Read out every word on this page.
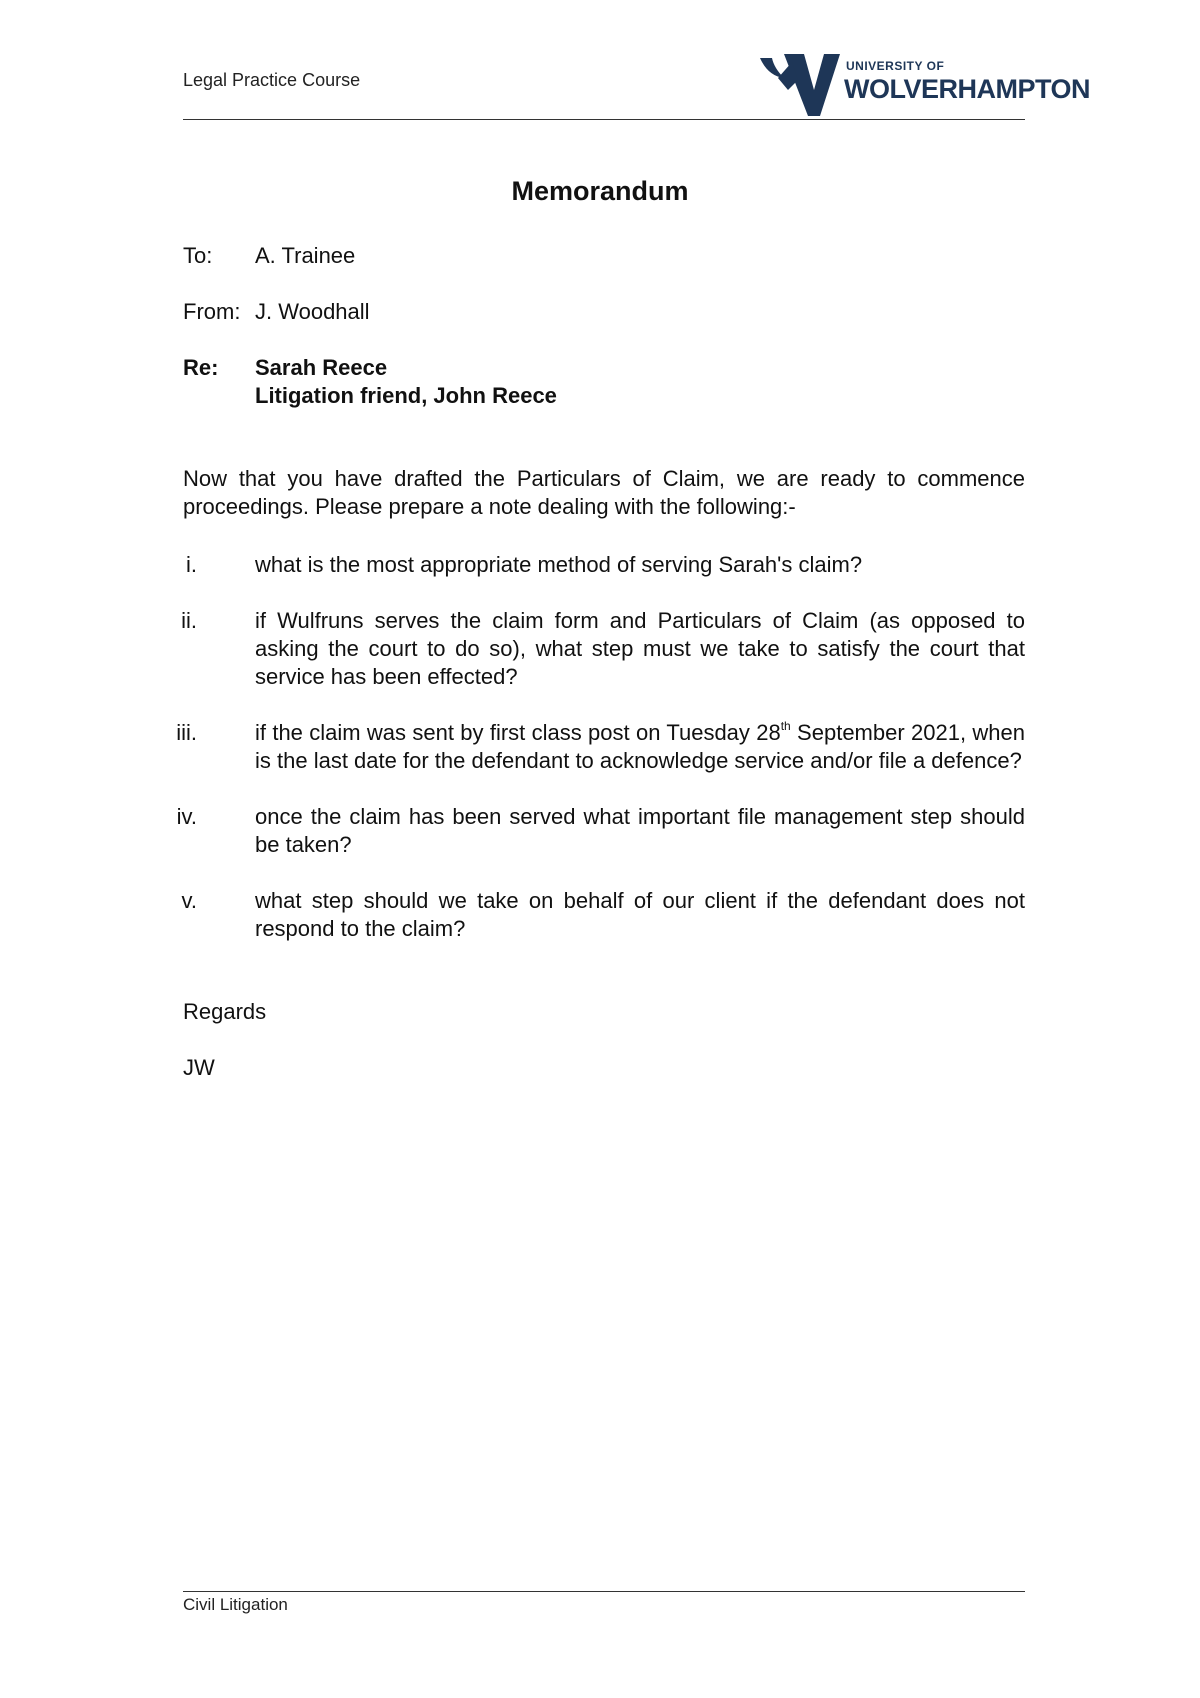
Legal Practice Course
UNIVERSITY OF
WOLVERHAMPTON
Memorandum
To: A. Trainee
From: J. Woodhall
Re: Sarah Reece
Litigation friend, John Reece
Now that you have drafted the Particulars of Claim, we are ready to commence proceedings. Please prepare a note dealing with the following:-
i.	what is the most appropriate method of serving Sarah's claim?
ii.	if Wulfruns serves the claim form and Particulars of Claim (as opposed to asking the court to do so), what step must we take to satisfy the court that service has been effected?
iii.	if the claim was sent by first class post on Tuesday 28th September 2021, when is the last date for the defendant to acknowledge service and/or file a defence?
iv.	once the claim has been served what important file management step should be taken?
v.	what step should we take on behalf of our client if the defendant does not respond to the claim?
Regards
JW
Civil Litigation
